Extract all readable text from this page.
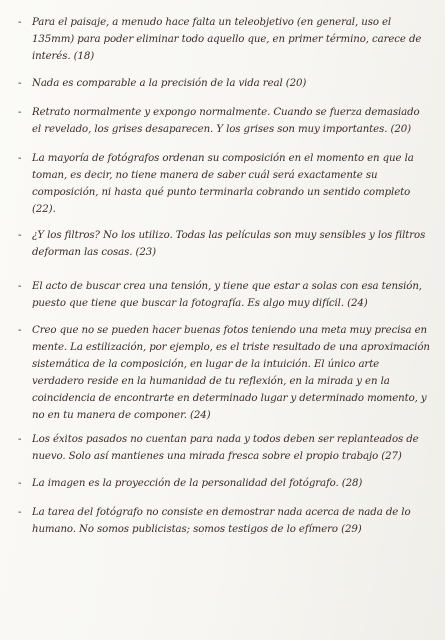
- Para el paisaje, a menudo hace falta un teleobjetivo (en general, uso el 135mm) para poder eliminar todo aquello que, en primer término, carece de interés. (18)
- Nada es comparable a la precisión de la vida real (20)
- Retrato normalmente y expongo normalmente. Cuando se fuerza demasiado el revelado, los grises desaparecen. Y los grises son muy importantes. (20)
- La mayoría de fotógrafos ordenan su composición en el momento en que la toman, es decir, no tiene manera de saber cuál será exactamente su composición, ni hasta qué punto terminarla cobrando un sentido completo (22).
- ¿Y los filtros? No los utilizo. Todas las películas son muy sensibles y los filtros deforman las cosas. (23)
- El acto de buscar crea una tensión, y tiene que estar a solas con esa tensión, puesto que tiene que buscar la fotografía. Es algo muy difícil. (24)
- Creo que no se pueden hacer buenas fotos teniendo una meta muy precisa en mente. La estilización, por ejemplo, es el triste resultado de una aproximación sistemática de la composición, en lugar de la intuición. El único arte verdadero reside en la humanidad de tu reflexión, en la mirada y en la coincidencia de encontrarte en determinado lugar y determinado momento, y no en tu manera de componer. (24)
- Los éxitos pasados no cuentan para nada y todos deben ser replanteados de nuevo. Solo así mantienes una mirada fresca sobre el propio trabajo (27)
- La imagen es la proyección de la personalidad del fotógrafo. (28)
- La tarea del fotógrafo no consiste en demostrar nada acerca de nada de lo humano. No somos publicistas; somos testigos de lo efímero (29)
